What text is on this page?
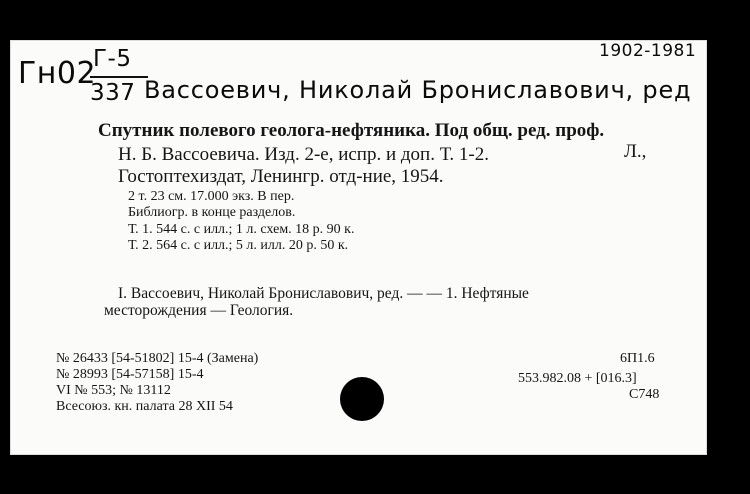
Гн02
Г-5
337 Вассоевич, Николай Брониславович, ред
1902-1981
Спутник полевого геолога-нефтяника. Под общ. ред. проф.
Н. Б. Вассоевича. Изд. 2-е, испр. и доп. Т. 1-2.	Л.,
Гостоптехиздат, Ленингр. отд-ние, 1954.
2 т. 23 см. 17.000 экз. В пер.
Библиогр. в конце разделов.
Т. 1. 544 с. с илл.; 1 л. схем. 18 р. 90 к.
Т. 2. 564 с. с илл.; 5 л. илл. 20 р. 50 к.
I. Вассоевич, Николай Брониславович, ред. — — 1. Нефтяные
месторождения — Геология.
№ 26433 [54-51802] 15-4 (Замена)
№ 28993 [54-57158] 15-4
VI № 553; № 13112
Всесоюз. кн. палата 28 XII 54
6П1.6
553.982.08 + [016.3]
С748
